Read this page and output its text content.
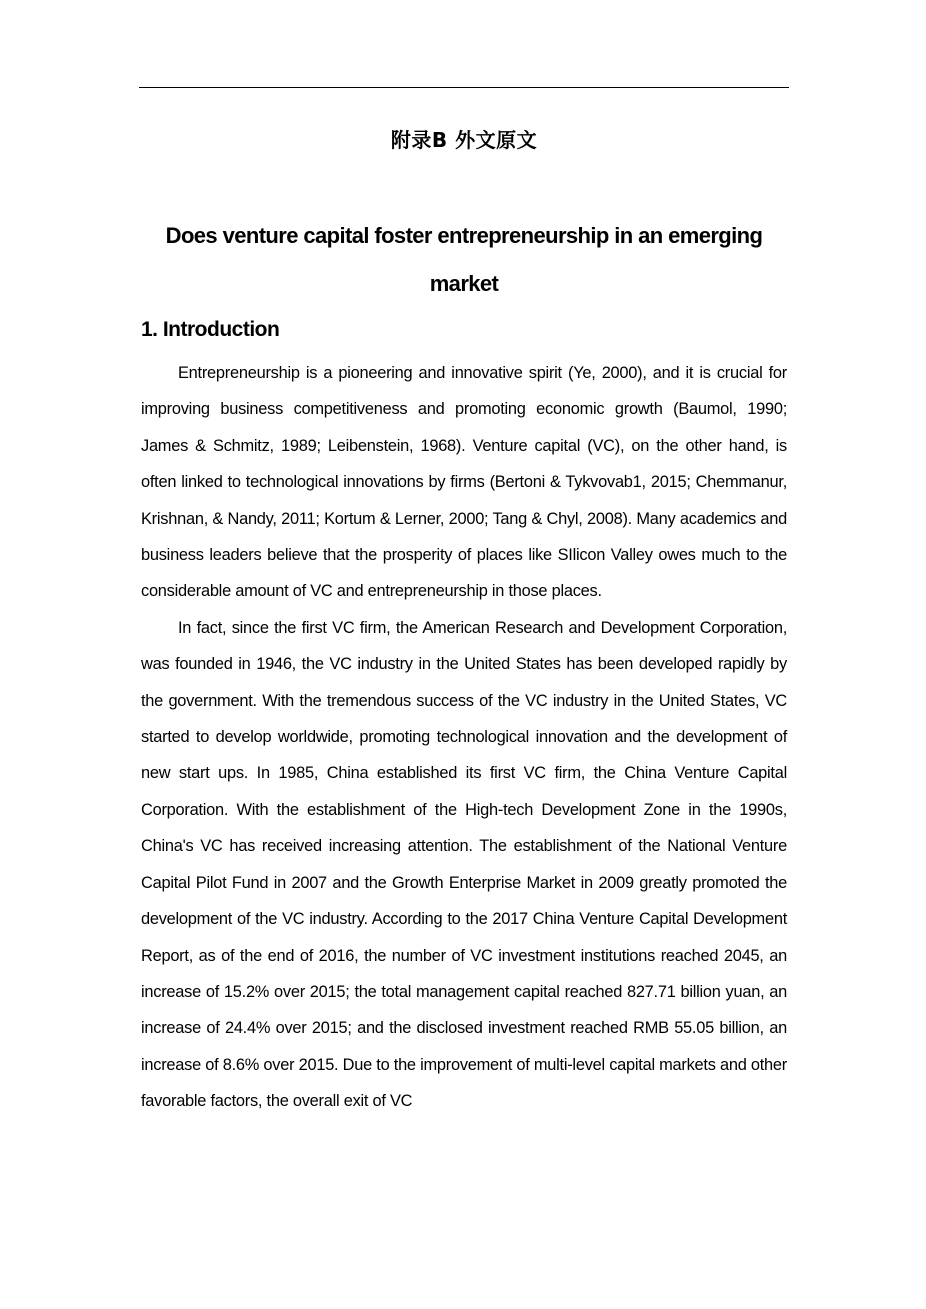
附录B 外文原文
Does venture capital foster entrepreneurship in an emerging market
1. Introduction

Entrepreneurship is a pioneering and innovative spirit (Ye, 2000), and it is crucial for improving business competitiveness and promoting economic growth (Baumol, 1990; James & Schmitz, 1989; Leibenstein, 1968). Venture capital (VC), on the other hand, is often linked to technological innovations by firms (Bertoni & Tykvovab1, 2015; Chemmanur, Krishnan, & Nandy, 2011; Kortum & Lerner, 2000; Tang & Chyl, 2008). Many academics and business leaders believe that the prosperity of places like SIlicon Valley owes much to the considerable amount of VC and entrepreneurship in those places.

In fact, since the first VC firm, the American Research and Development Corporation, was founded in 1946, the VC industry in the United States has been developed rapidly by the government. With the tremendous success of the VC industry in the United States, VC started to develop worldwide, promoting technological innovation and the development of new start ups. In 1985, China established its first VC firm, the China Venture Capital Corporation. With the establishment of the High-tech Development Zone in the 1990s, China's VC has received increasing attention. The establishment of the National Venture Capital Pilot Fund in 2007 and the Growth Enterprise Market in 2009 greatly promoted the development of the VC industry. According to the 2017 China Venture Capital Development Report, as of the end of 2016, the number of VC investment institutions reached 2045, an increase of 15.2% over 2015; the total management capital reached 827.71 billion yuan, an increase of 24.4% over 2015; and the disclosed investment reached RMB 55.05 billion, an increase of 8.6% over 2015. Due to the improvement of multi-level capital markets and other favorable factors, the overall exit of VC
